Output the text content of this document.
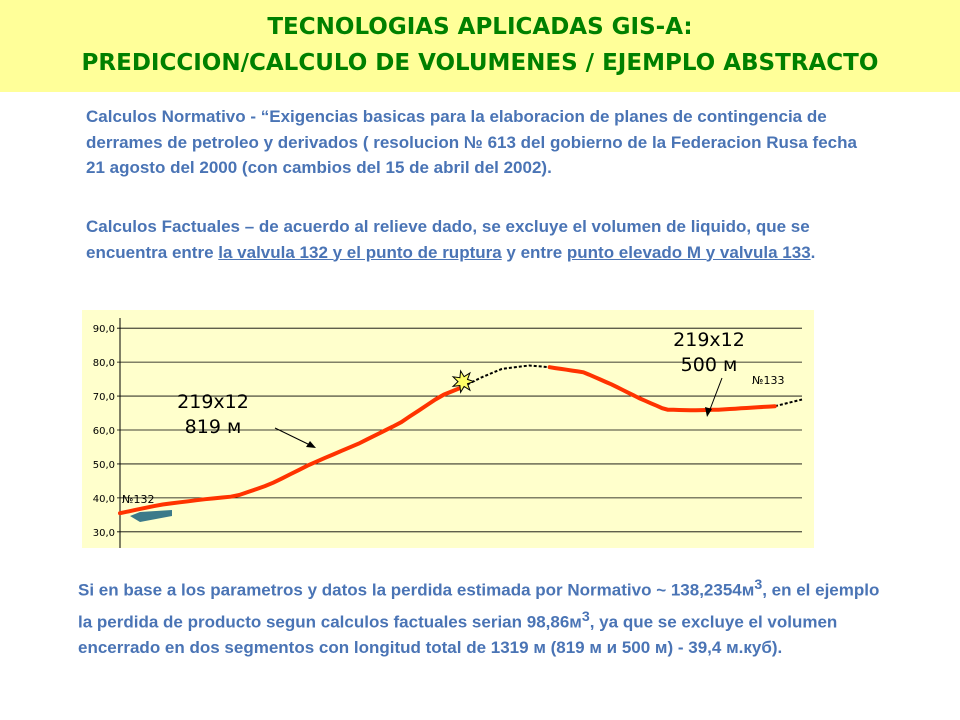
TECNOLOGIAS APLICADAS GIS-A:
PREDICCION/CALCULO DE VOLUMENES / EJEMPLO ABSTRACTO
Calculos Normativo - “Exigencias basicas para la elaboracion de planes de contingencia de derrames de petroleo y derivados ( resolucion № 613 del gobierno de la Federacion Rusa fecha 21 agosto del 2000 (con cambios del 15 de abril del 2002).
Calculos Factuales – de acuerdo al relieve dado, se excluye el volumen de liquido, que se encuentra entre la valvula 132 y el punto de ruptura y entre punto elevado M y valvula 133.
30,0
40,0
50,0
60,0
70,0
80,0
90,0
№132
№133
219х12
819 м
219х12
500 м
Si en base a los parametros y datos la perdida estimada por Normativo ~ $138,2354м^3$, en el ejemplo la perdida de producto segun calculos factuales serian $98,86м^3$, ya que se excluye el volumen encerrado en dos segmentos con longitud total de 1319 м (819 м и 500 м) - 39,4 м.куб).
